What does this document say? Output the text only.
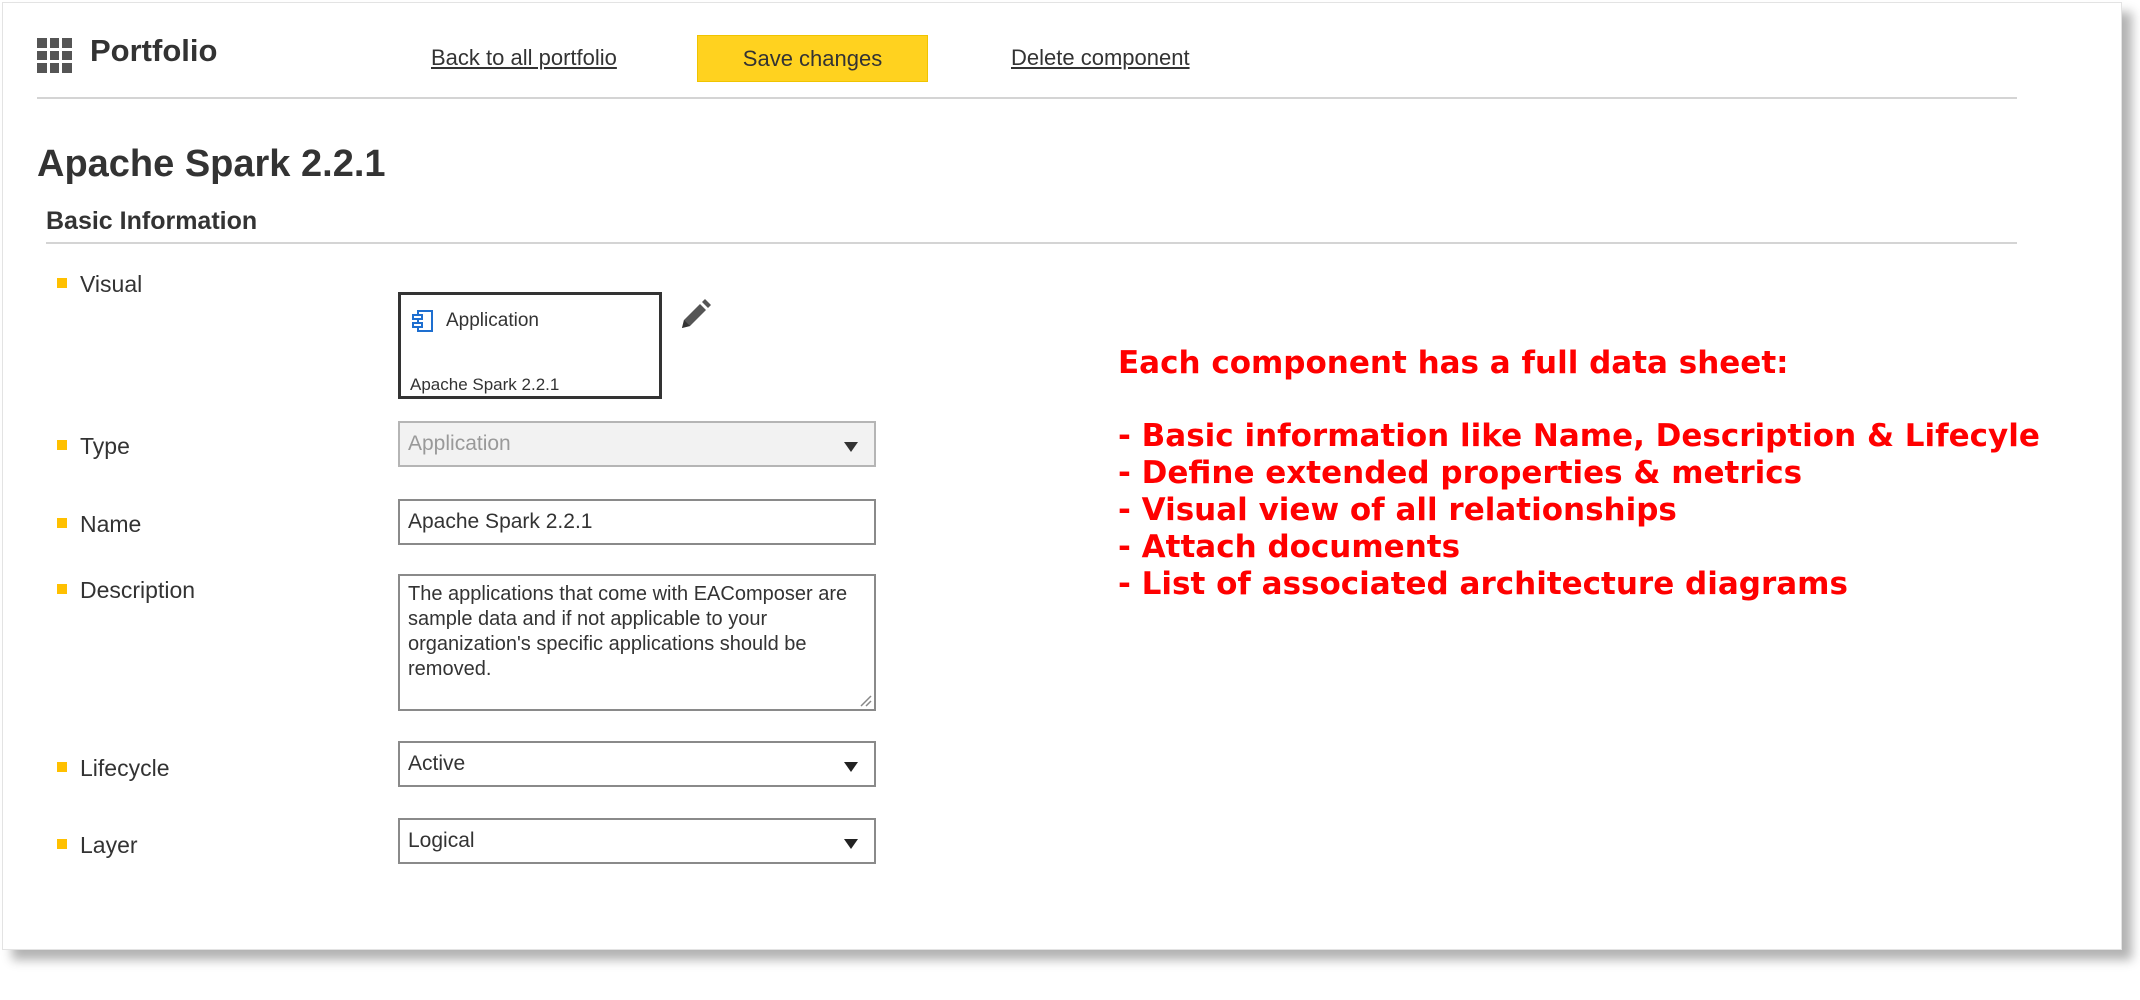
Portfolio	Back to all portfolio	Save changes	Delete component
Apache Spark 2.2.1
Basic Information
Visual
Application
Apache Spark 2.2.1
Type	Application
Name	Apache Spark 2.2.1
Description	The applications that come with EAComposer are sample data and if not applicable to your organization's specific applications should be removed.
Lifecycle	Active
Layer	Logical
Each component has a full data sheet:
- Basic information like Name, Description & Lifecyle
- Define extended properties & metrics
- Visual view of all relationships
- Attach documents
- List of associated architecture diagrams
